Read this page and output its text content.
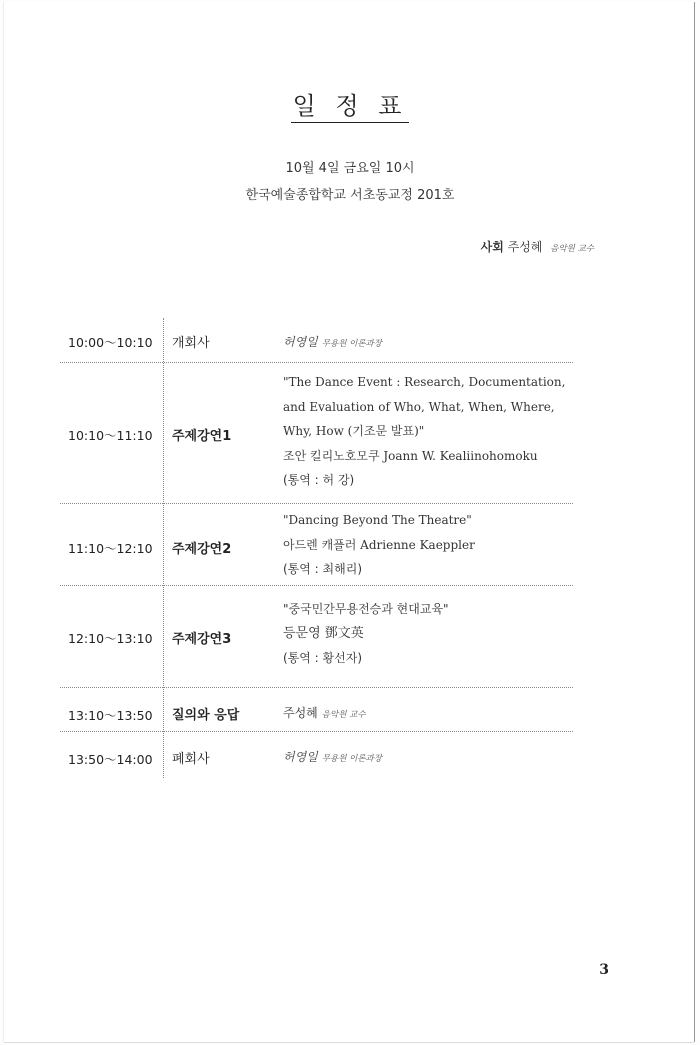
일 정 표
10월 4일 금요일 10시
한국예술종합학교 서초동교정 201호
사회 주성혜 음악원 교수
10:00～10:10 개회사	허영일 무용원 이론과장
10:10～11:10 주제강연1
"The Dance Event : Research, Documentation,
and Evaluation of Who, What, When, Where,
Why, How (기조문 발표)"
조안 킬리노호모쿠 Joann W. Kealiinohomoku
(통역 : 허 강)
11:10～12:10 주제강연2
"Dancing Beyond The Theatre"
아드렌 캐플러 Adrienne Kaeppler
(통역 : 최해리)
12:10～13:10 주제강연3
"중국민간무용전승과 현대교육"
등문영 鄧文英
(통역 : 황선자)
13:10～13:50 질의와 응답	주성혜 음악원 교수
13:50～14:00 폐회사	허영일 무용원 이론과장
3
